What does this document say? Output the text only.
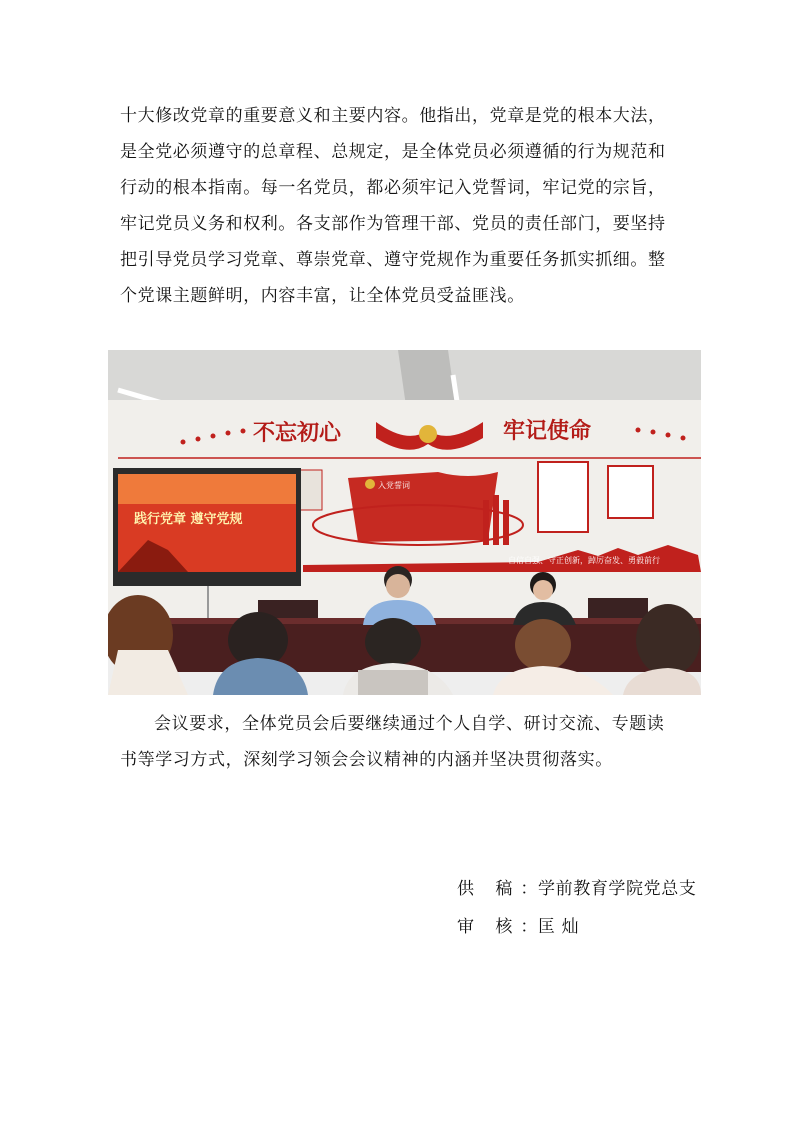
十大修改党章的重要意义和主要内容。他指出，党章是党的根本大法，
是全党必须遵守的总章程、总规定，是全体党员必须遵循的行为规范和
行动的根本指南。每一名党员，都必须牢记入党誓词，牢记党的宗旨，
牢记党员义务和权利。各支部作为管理干部、党员的责任部门，要坚持
把引导党员学习党章、尊崇党章、遵守党规作为重要任务抓实抓细。整
个党课主题鲜明，内容丰富，让全体党员受益匪浅。
不忘初心	牢记使命
入党誓词
自信自强、守正创新，踔厉奋发、勇毅前行
践行党章 遵守党规
会议要求，全体党员会后要继续通过个人自学、研讨交流、专题读
书等学习方式，深刻学习领会会议精神的内涵并坚决贯彻落实。
供 稿：学前教育学院党总支
审 核：匡 灿
